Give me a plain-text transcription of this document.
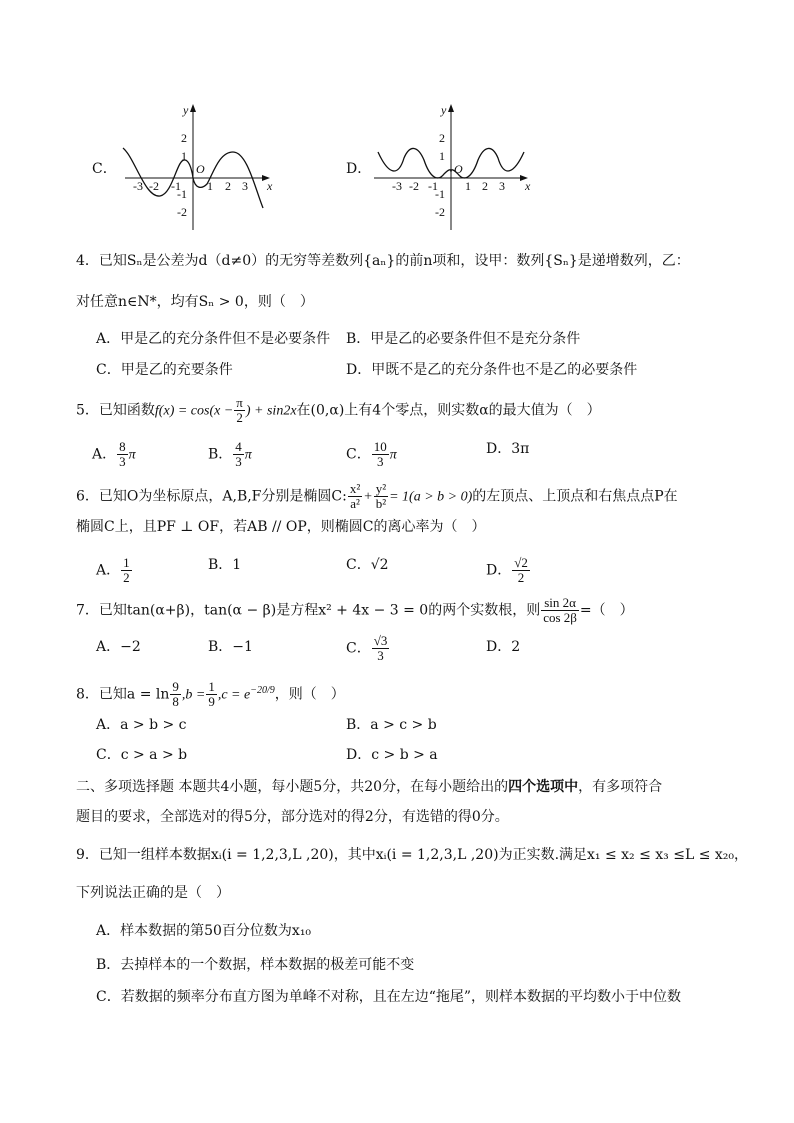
C．
y
x
O
-3 -2 -1 1 2 3
2
1
-1
-2
D．
y
x
O
-3 -2 -1 1 2 3
2
1
-1
-2
4．已知Sₙ是公差为d（d≠0）的无穷等差数列{aₙ}的前n项和，设甲：数列{Sₙ}是递增数列，乙：
对任意n∈N*，均有Sₙ > 0，则（　）
A．甲是乙的充分条件但不是必要条件 B．甲是乙的必要条件但不是充分条件
C．甲是乙的充要条件	D．甲既不是乙的充分条件也不是乙的必要条件
5．已知函数$f(x) = \cos(x - \frac{\pi}{2}$ ) + sin2x在(0,α)上有4个零点，则实数α的最大值为（　）
A． $\frac{8}{3}$ π	B． $\frac{4}{3}$ π	C． $\frac{10}{3}$ π	D．3π
6．已知O为坐标原点，A,B,F分别是椭圆C: $\frac{\text{x²}}{\text{a²}} + \frac{\text{y²}}{\text{b²}} = 1(a > b > 0)$的左顶点、上顶点和右焦点点P在
椭圆C上，且PF ⊥ OF，若AB // OP，则椭圆C的离心率为（　）
A． $\frac{1}{2}$	B．1	C．√2	D． $\frac{√2}{2}$
7．已知tan(α+β)，tan(α − β)是方程x² + 4x − 3 = 0的两个实数根，则 $\frac{\sin 2\alpha}{\cos 2\beta}$ =（　）
A．−2	B．−1	C． $\frac{√3}{3}$	D．2
8．已知$a = \ln \frac{9}{8} ,b = \frac{1}{9} ,c = e^{-20/9}$，则（　）
A．a > b > c	B．a > c > b
C．c > a > b	D．c > b > a
二、多项选择题 本题共4小题，每小题5分，共20分，在每小题给出的四个选项中，有多项符合
题目的要求，全部选对的得5分，部分选对的得2分，有选错的得0分。
9．已知一组样本数据xᵢ(i = 1,2,3,L ,20)，其中xᵢ(i = 1,2,3,L ,20)为正实数.满足x₁ ≤ x₂ ≤ x₃ ≤L ≤ x₂₀，
下列说法正确的是（　）
A．样本数据的第50百分位数为x₁₀
B．去掉样本的一个数据，样本数据的极差可能不变
C．若数据的频率分布直方图为单峰不对称，且在左边“拖尾”，则样本数据的平均数小于中位数
